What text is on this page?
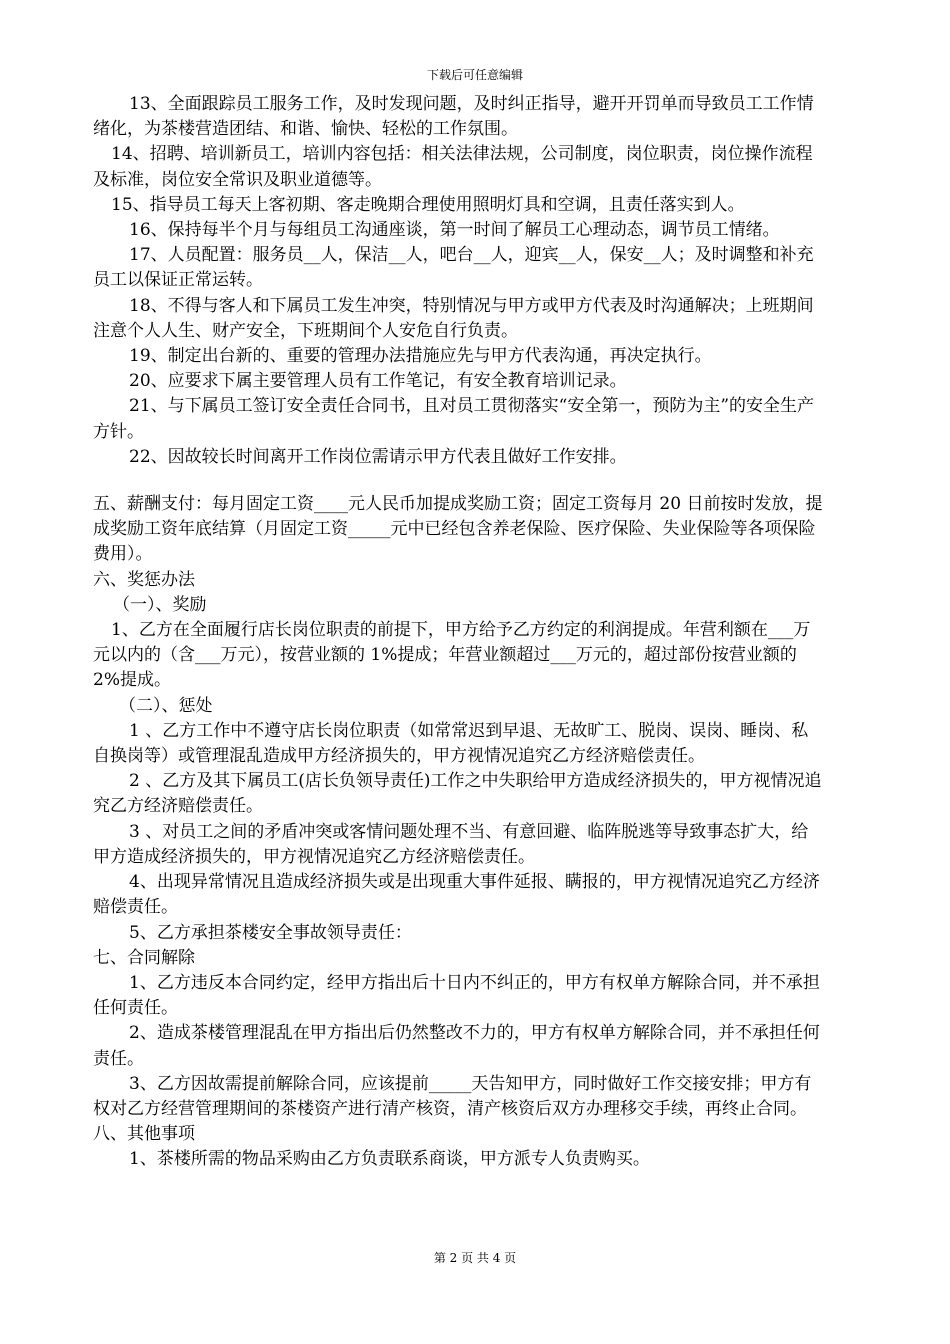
下载后可任意编辑

13、全面跟踪员工服务工作，及时发现问题，及时纠正指导，避开开罚单而导致员工工作情绪化，为茶楼营造团结、和谐、愉快、轻松的工作氛围。

14、招聘、培训新员工，培训内容包括：相关法律法规，公司制度，岗位职责，岗位操作流程及标准，岗位安全常识及职业道德等。

15、指导员工每天上客初期、客走晚期合理使用照明灯具和空调，且责任落实到人。

16、保持每半个月与每组员工沟通座谈，第一时间了解员工心理动态，调节员工情绪。

17、人员配置：服务员__人，保洁__人，吧台__人，迎宾__人，保安__人；及时调整和补充员工以保证正常运转。

18、不得与客人和下属员工发生冲突，特别情况与甲方或甲方代表及时沟通解决；上班期间注意个人人生、财产安全，下班期间个人安危自行负责。

19、制定出台新的、重要的管理办法措施应先与甲方代表沟通，再决定执行。

20、应要求下属主要管理人员有工作笔记，有安全教育培训记录。

21、与下属员工签订安全责任合同书，且对员工贯彻落实“安全第一，预防为主”的安全生产方针。

22、因故较长时间离开工作岗位需请示甲方代表且做好工作安排。

五、薪酬支付：每月固定工资____元人民币加提成奖励工资；固定工资每月 20 日前按时发放，提成奖励工资年底结算（月固定工资_____元中已经包含养老保险、医疗保险、失业保险等各项保险费用）。

六、奖惩办法

（一）、奖励

1、乙方在全面履行店长岗位职责的前提下，甲方给予乙方约定的利润提成。年营利额在___万元以内的（含___万元），按营业额的 1%提成；年营业额超过___万元的，超过部份按营业额的 2%提成。

（二）、惩处

1 、乙方工作中不遵守店长岗位职责（如常常迟到早退、无故旷工、脱岗、误岗、睡岗、私自换岗等）或管理混乱造成甲方经济损失的，甲方视情况追究乙方经济赔偿责任。

2 、乙方及其下属员工(店长负领导责任)工作之中失职给甲方造成经济损失的，甲方视情况追究乙方经济赔偿责任。

3 、对员工之间的矛盾冲突或客情问题处理不当、有意回避、临阵脱逃等导致事态扩大，给甲方造成经济损失的，甲方视情况追究乙方经济赔偿责任。

4、出现异常情况且造成经济损失或是出现重大事件延报、瞒报的，甲方视情况追究乙方经济赔偿责任。

5、乙方承担茶楼安全事故领导责任：

七、合同解除

1、乙方违反本合同约定，经甲方指出后十日内不纠正的，甲方有权单方解除合同，并不承担任何责任。

2、造成茶楼管理混乱在甲方指出后仍然整改不力的，甲方有权单方解除合同，并不承担任何责任。

3、乙方因故需提前解除合同，应该提前_____天告知甲方，同时做好工作交接安排；甲方有权对乙方经营管理期间的茶楼资产进行清产核资，清产核资后双方办理移交手续，再终止合同。

八、其他事项

1、茶楼所需的物品采购由乙方负责联系商谈，甲方派专人负责购买。

第 2 页 共 4 页
